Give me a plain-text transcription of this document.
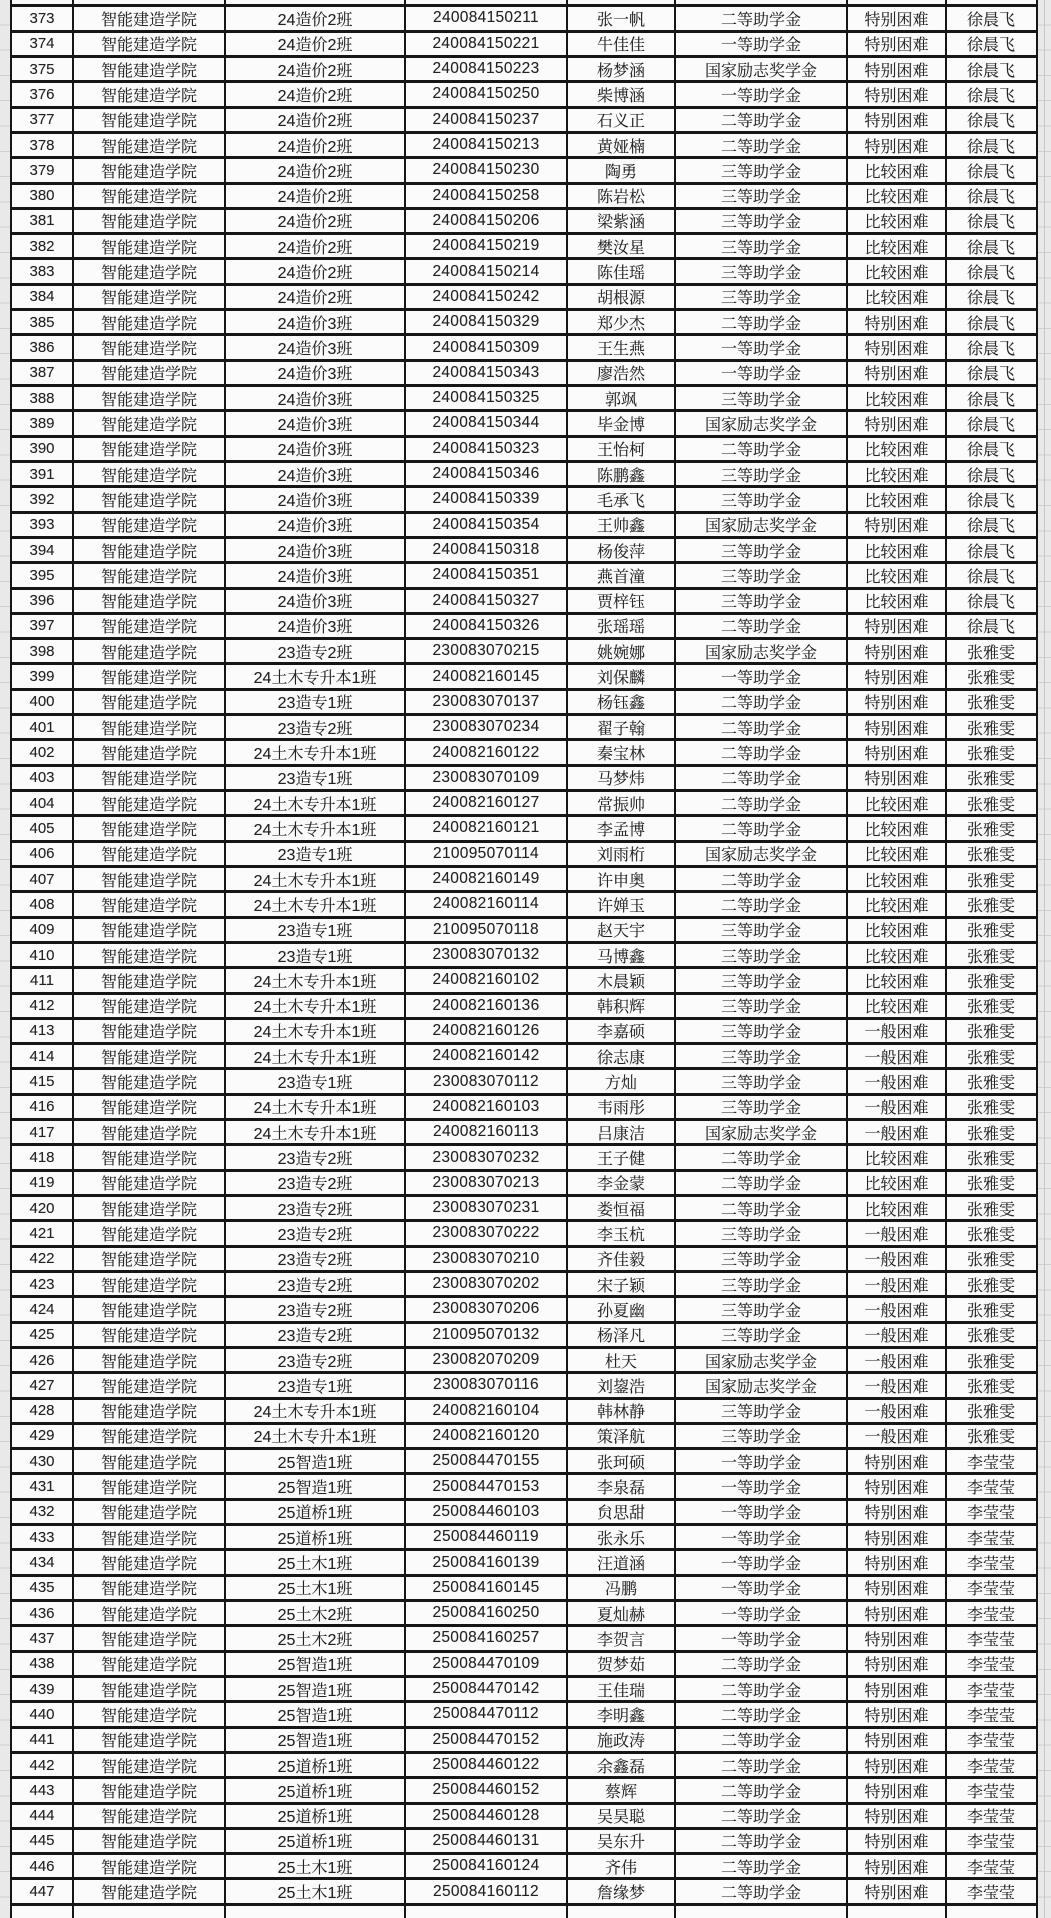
373	智能建造学院	24造价2班	240084150211	张一帆	二等助学金	特别困难	徐晨飞
374	智能建造学院	24造价2班	240084150221	牛佳佳	一等助学金	特别困难	徐晨飞
375	智能建造学院	24造价2班	240084150223	杨梦涵	国家励志奖学金	特别困难	徐晨飞
376	智能建造学院	24造价2班	240084150250	柴博涵	一等助学金	特别困难	徐晨飞
377	智能建造学院	24造价2班	240084150237	石义正	二等助学金	特别困难	徐晨飞
378	智能建造学院	24造价2班	240084150213	黄娅楠	二等助学金	特别困难	徐晨飞
379	智能建造学院	24造价2班	240084150230	陶勇	三等助学金	比较困难	徐晨飞
380	智能建造学院	24造价2班	240084150258	陈岩松	三等助学金	比较困难	徐晨飞
381	智能建造学院	24造价2班	240084150206	梁紫涵	三等助学金	比较困难	徐晨飞
382	智能建造学院	24造价2班	240084150219	樊汝星	三等助学金	比较困难	徐晨飞
383	智能建造学院	24造价2班	240084150214	陈佳瑶	三等助学金	比较困难	徐晨飞
384	智能建造学院	24造价2班	240084150242	胡根源	三等助学金	比较困难	徐晨飞
385	智能建造学院	24造价3班	240084150329	郑少杰	二等助学金	特别困难	徐晨飞
386	智能建造学院	24造价3班	240084150309	王生燕	一等助学金	特别困难	徐晨飞
387	智能建造学院	24造价3班	240084150343	廖浩然	一等助学金	特别困难	徐晨飞
388	智能建造学院	24造价3班	240084150325	郭飒	三等助学金	比较困难	徐晨飞
389	智能建造学院	24造价3班	240084150344	毕金博	国家励志奖学金	特别困难	徐晨飞
390	智能建造学院	24造价3班	240084150323	王怡柯	二等助学金	比较困难	徐晨飞
391	智能建造学院	24造价3班	240084150346	陈鹏鑫	三等助学金	比较困难	徐晨飞
392	智能建造学院	24造价3班	240084150339	毛承飞	三等助学金	比较困难	徐晨飞
393	智能建造学院	24造价3班	240084150354	王帅鑫	国家励志奖学金	特别困难	徐晨飞
394	智能建造学院	24造价3班	240084150318	杨俊萍	三等助学金	比较困难	徐晨飞
395	智能建造学院	24造价3班	240084150351	燕首潼	三等助学金	比较困难	徐晨飞
396	智能建造学院	24造价3班	240084150327	贾梓钰	三等助学金	比较困难	徐晨飞
397	智能建造学院	24造价3班	240084150326	张瑶瑶	二等助学金	特别困难	徐晨飞
398	智能建造学院	23造专2班	230083070215	姚婉娜	国家励志奖学金	特别困难	张雅雯
399	智能建造学院	24土木专升本1班	240082160145	刘保麟	一等助学金	特别困难	张雅雯
400	智能建造学院	23造专1班	230083070137	杨钰鑫	二等助学金	特别困难	张雅雯
401	智能建造学院	23造专2班	230083070234	翟子翰	二等助学金	特别困难	张雅雯
402	智能建造学院	24土木专升本1班	240082160122	秦宝林	二等助学金	特别困难	张雅雯
403	智能建造学院	23造专1班	230083070109	马梦炜	二等助学金	特别困难	张雅雯
404	智能建造学院	24土木专升本1班	240082160127	常振帅	二等助学金	比较困难	张雅雯
405	智能建造学院	24土木专升本1班	240082160121	李孟博	二等助学金	比较困难	张雅雯
406	智能建造学院	23造专1班	210095070114	刘雨桁	国家励志奖学金	比较困难	张雅雯
407	智能建造学院	24土木专升本1班	240082160149	许申奥	二等助学金	比较困难	张雅雯
408	智能建造学院	24土木专升本1班	240082160114	许婵玉	二等助学金	比较困难	张雅雯
409	智能建造学院	23造专1班	210095070118	赵天宇	三等助学金	比较困难	张雅雯
410	智能建造学院	23造专1班	230083070132	马博鑫	三等助学金	比较困难	张雅雯
411	智能建造学院	24土木专升本1班	240082160102	木晨颖	三等助学金	比较困难	张雅雯
412	智能建造学院	24土木专升本1班	240082160136	韩积辉	三等助学金	比较困难	张雅雯
413	智能建造学院	24土木专升本1班	240082160126	李嘉硕	三等助学金	一般困难	张雅雯
414	智能建造学院	24土木专升本1班	240082160142	徐志康	三等助学金	一般困难	张雅雯
415	智能建造学院	23造专1班	230083070112	方灿	三等助学金	一般困难	张雅雯
416	智能建造学院	24土木专升本1班	240082160103	韦雨彤	三等助学金	一般困难	张雅雯
417	智能建造学院	24土木专升本1班	240082160113	吕康洁	国家励志奖学金	一般困难	张雅雯
418	智能建造学院	23造专2班	230083070232	王子健	二等助学金	比较困难	张雅雯
419	智能建造学院	23造专2班	230083070213	李金蒙	二等助学金	比较困难	张雅雯
420	智能建造学院	23造专2班	230083070231	娄恒福	二等助学金	比较困难	张雅雯
421	智能建造学院	23造专2班	230083070222	李玉杭	三等助学金	一般困难	张雅雯
422	智能建造学院	23造专2班	230083070210	齐佳毅	三等助学金	一般困难	张雅雯
423	智能建造学院	23造专2班	230083070202	宋子颖	三等助学金	一般困难	张雅雯
424	智能建造学院	23造专2班	230083070206	孙夏幽	三等助学金	一般困难	张雅雯
425	智能建造学院	23造专2班	210095070132	杨泽凡	三等助学金	一般困难	张雅雯
426	智能建造学院	23造专2班	230082070209	杜天	国家励志奖学金	一般困难	张雅雯
427	智能建造学院	23造专1班	230083070116	刘鋆浩	国家励志奖学金	一般困难	张雅雯
428	智能建造学院	24土木专升本1班	240082160104	韩林静	三等助学金	一般困难	张雅雯
429	智能建造学院	24土木专升本1班	240082160120	策泽航	三等助学金	一般困难	张雅雯
430	智能建造学院	25智造1班	250084470155	张珂硕	一等助学金	特别困难	李莹莹
431	智能建造学院	25智造1班	250084470153	李泉磊	一等助学金	特别困难	李莹莹
432	智能建造学院	25道桥1班	250084460103	贠思甜	一等助学金	特别困难	李莹莹
433	智能建造学院	25道桥1班	250084460119	张永乐	一等助学金	特别困难	李莹莹
434	智能建造学院	25土木1班	250084160139	汪道涵	一等助学金	特别困难	李莹莹
435	智能建造学院	25土木1班	250084160145	冯鹏	一等助学金	特别困难	李莹莹
436	智能建造学院	25土木2班	250084160250	夏灿赫	一等助学金	特别困难	李莹莹
437	智能建造学院	25土木2班	250084160257	李贺言	一等助学金	特别困难	李莹莹
438	智能建造学院	25智造1班	250084470109	贺梦茹	二等助学金	特别困难	李莹莹
439	智能建造学院	25智造1班	250084470142	王佳瑞	二等助学金	特别困难	李莹莹
440	智能建造学院	25智造1班	250084470112	李明鑫	二等助学金	特别困难	李莹莹
441	智能建造学院	25智造1班	250084470152	施政涛	二等助学金	特别困难	李莹莹
442	智能建造学院	25道桥1班	250084460122	余鑫磊	二等助学金	特别困难	李莹莹
443	智能建造学院	25道桥1班	250084460152	蔡辉	二等助学金	特别困难	李莹莹
444	智能建造学院	25道桥1班	250084460128	吴昊聪	二等助学金	特别困难	李莹莹
445	智能建造学院	25道桥1班	250084460131	吴东升	二等助学金	特别困难	李莹莹
446	智能建造学院	25土木1班	250084160124	齐伟	二等助学金	特别困难	李莹莹
447	智能建造学院	25土木1班	250084160112	詹缘梦	二等助学金	特别困难	李莹莹
